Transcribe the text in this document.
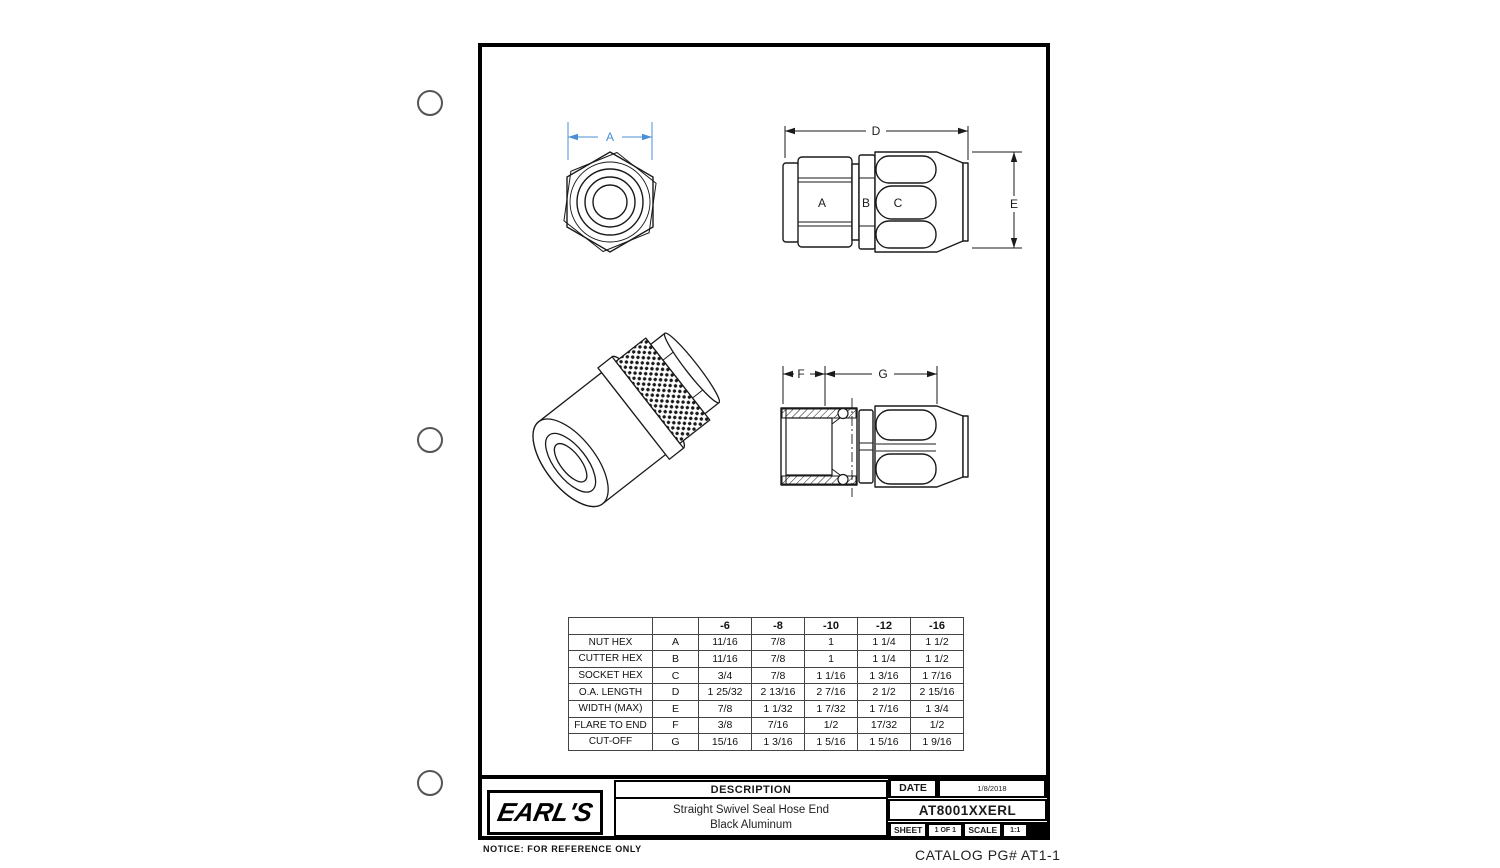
A
A	B C
D
E
F	G
		-6	-8	-10	-12	-16
NUT HEX	A	11/16	7/8	1	1 1/4	1 1/2
CUTTER HEX	B	11/16	7/8	1	1 1/4	1 1/2
SOCKET HEX	C	3/4	7/8	1 1/16	1 3/16	1 7/16
O.A. LENGTH	D	1 25/32	2 13/16	2 7/16	2 1/2	2 15/16
WIDTH (MAX)	E	7/8	1 1/32	1 7/32	1 7/16	1 3/4
FLARE TO END	F	3/8	7/16	1/2	17/32	1/2
CUT-OFF	G	15/16	1 3/16	1 5/16	1 5/16	1 9/16
EARL'S
DESCRIPTION
Straight Swivel Seal Hose End
Black Aluminum
DATE	1/8/2018
AT8001XXERL
SHEET	1 OF 1	SCALE	1:1
NOTICE: FOR REFERENCE ONLY	CATALOG PG# AT1-1
